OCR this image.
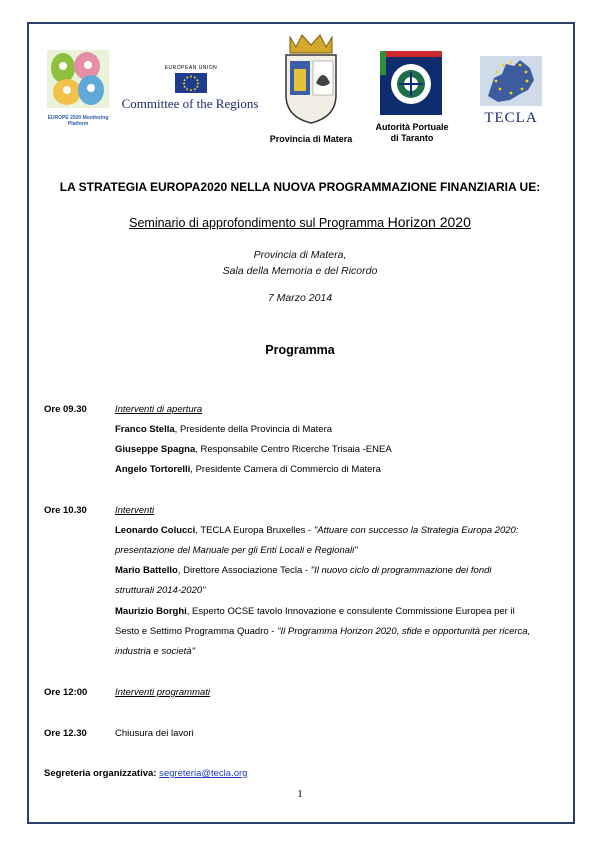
EUROPE 2020 Monitoring Platform
EUROPEAN UNION
Committee of the Regions
Provincia di Matera
Autorità Portuale
di Taranto
TECLA
LA STRATEGIA EUROPA2020 NELLA NUOVA PROGRAMMAZIONE FINANZIARIA UE:
Seminario di approfondimento sul Programma Horizon 2020
Provincia di Matera,
Sala della Memoria e del Ricordo
7 Marzo 2014
Programma
Ore 09.30	Interventi di apertura
Franco Stella, Presidente della Provincia di Matera
Giuseppe Spagna, Responsabile Centro Ricerche Trisaia -ENEA
Angelo Tortorelli, Presidente Camera di Commercio di Matera
Ore 10.30	Interventi
Leonardo Colucci, TECLA Europa Bruxelles - "Attuare con successo la Strategia Europa 2020:
presentazione del Manuale per gli Enti Locali e Regionali"
Mario Battello, Direttore Associazione Tecla - "Il nuovo ciclo di programmazione dei fondi
strutturali 2014-2020"
Maurizio Borghi, Esperto OCSE tavolo Innovazione e consulente Commissione Europea per il
Sesto e Settimo Programma Quadro - "Il Programma Horizon 2020, sfide e opportunità per ricerca,
industria e società"
Ore 12:00	Interventi programmati
Ore 12.30	Chiusura dei lavori
Segreteria organizzativa: segreteria@tecla.org
1
